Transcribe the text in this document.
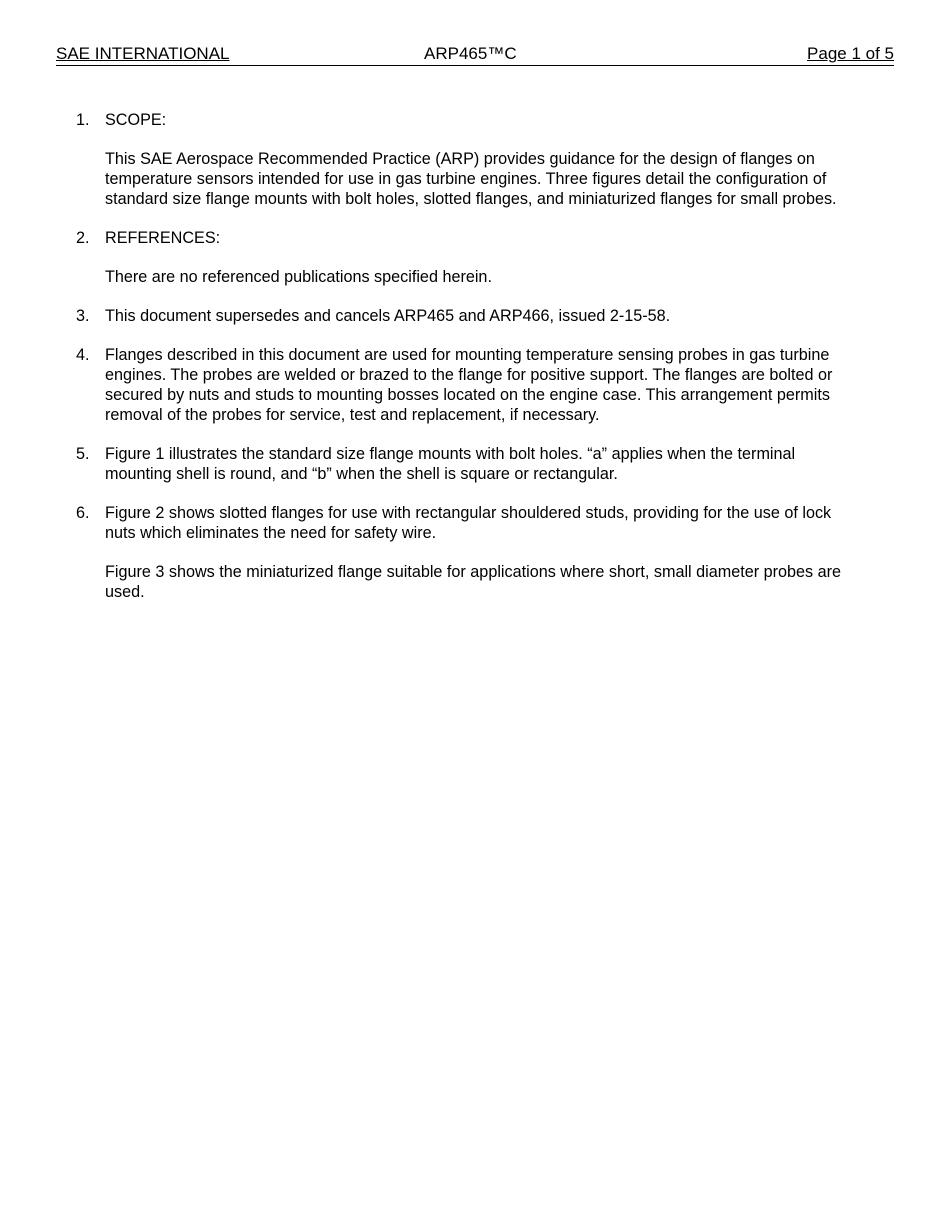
SAE INTERNATIONAL	ARP465™C	Page 1 of 5
1. SCOPE:

This SAE Aerospace Recommended Practice (ARP) provides guidance for the design of flanges on temperature sensors intended for use in gas turbine engines. Three figures detail the configuration of standard size flange mounts with bolt holes, slotted flanges, and miniaturized flanges for small probes.

2. REFERENCES:

There are no referenced publications specified herein.

3. This document supersedes and cancels ARP465 and ARP466, issued 2-15-58.

4. Flanges described in this document are used for mounting temperature sensing probes in gas turbine engines. The probes are welded or brazed to the flange for positive support. The flanges are bolted or secured by nuts and studs to mounting bosses located on the engine case. This arrangement permits removal of the probes for service, test and replacement, if necessary.

5. Figure 1 illustrates the standard size flange mounts with bolt holes. “a” applies when the terminal mounting shell is round, and “b” when the shell is square or rectangular.

6. Figure 2 shows slotted flanges for use with rectangular shouldered studs, providing for the use of lock nuts which eliminates the need for safety wire.

Figure 3 shows the miniaturized flange suitable for applications where short, small diameter probes are used.
